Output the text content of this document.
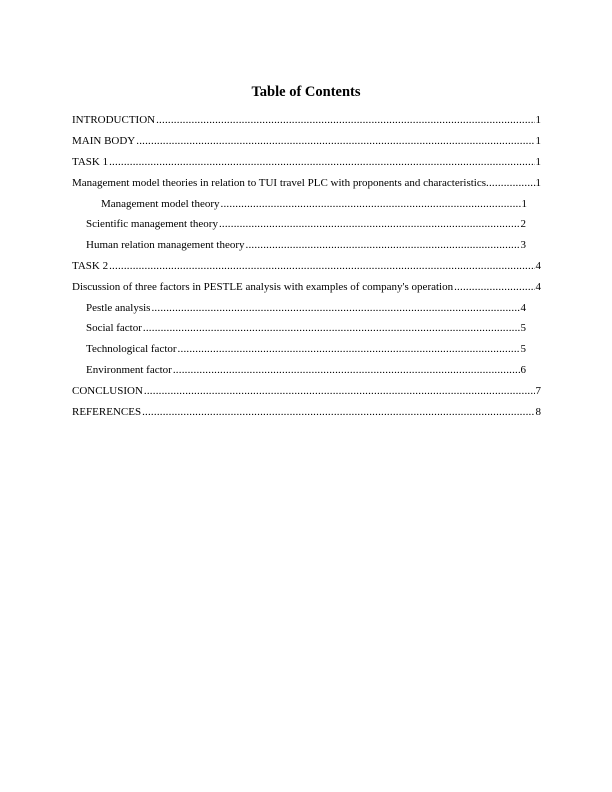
Table of Contents
INTRODUCTION .....	1
MAIN BODY .....	1
TASK 1 .....	1
Management model theories in relation to TUI travel PLC with proponents and characteristics .....	1
Management model theory .....	1
Scientific management theory .....	2
Human relation management theory .....	3
TASK 2 .....	4
Discussion of three factors in PESTLE analysis with examples of company's operation .....	4
Pestle analysis .....	4
Social factor .....	5
Technological factor .....	5
Environment factor .....	6
CONCLUSION .....	7
REFERENCES .....	8
